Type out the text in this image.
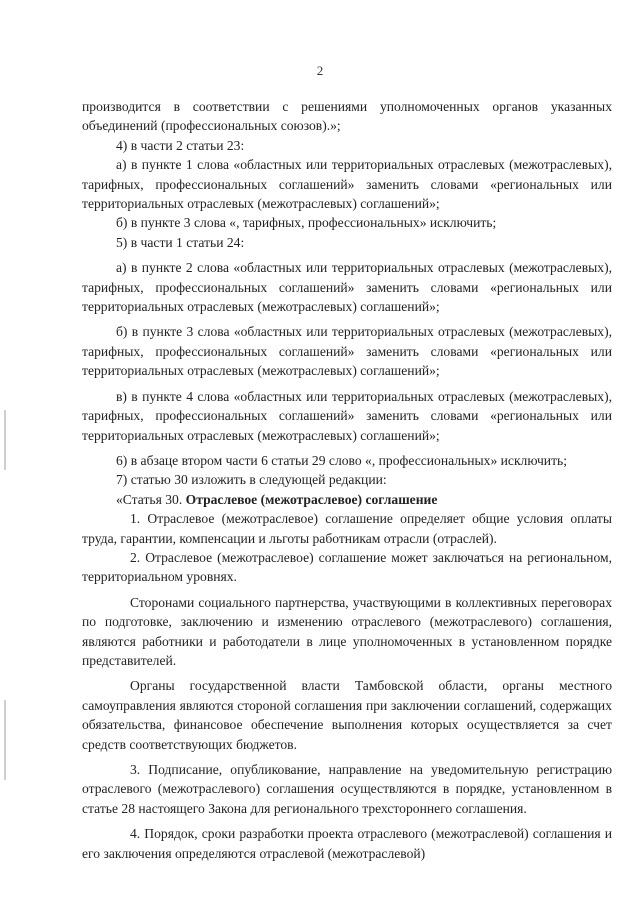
2

производится в соответствии с решениями уполномоченных органов указанных объединений (профессиональных союзов).»;

4) в части 2 статьи 23:

а) в пункте 1 слова «областных или территориальных отраслевых (межотраслевых), тарифных, профессиональных соглашений» заменить словами «региональных или территориальных отраслевых (межотраслевых) соглашений»;

б) в пункте 3 слова «, тарифных, профессиональных» исключить;

5) в части 1 статьи 24:

а) в пункте 2 слова «областных или территориальных отраслевых (межотраслевых), тарифных, профессиональных соглашений» заменить словами «региональных или территориальных отраслевых (межотраслевых) соглашений»;

б) в пункте 3 слова «областных или территориальных отраслевых (межотраслевых), тарифных, профессиональных соглашений» заменить словами «региональных или территориальных отраслевых (межотраслевых) соглашений»;

в) в пункте 4 слова «областных или территориальных отраслевых (межотраслевых), тарифных, профессиональных соглашений» заменить словами «региональных или территориальных отраслевых (межотраслевых) соглашений»;

6) в абзаце втором части 6 статьи 29 слово «, профессиональных» исключить;

7) статью 30 изложить в следующей редакции:

«Статья 30. Отраслевое (межотраслевое) соглашение

1. Отраслевое (межотраслевое) соглашение определяет общие условия оплаты труда, гарантии, компенсации и льготы работникам отрасли (отраслей).

2. Отраслевое (межотраслевое) соглашение может заключаться на региональном, территориальном уровнях.

Сторонами социального партнерства, участвующими в коллективных переговорах по подготовке, заключению и изменению отраслевого (межотраслевого) соглашения, являются работники и работодатели в лице уполномоченных в установленном порядке представителей.

Органы государственной власти Тамбовской области, органы местного самоуправления являются стороной соглашения при заключении соглашений, содержащих обязательства, финансовое обеспечение выполнения которых осуществляется за счет средств соответствующих бюджетов.

3. Подписание, опубликование, направление на уведомительную регистрацию отраслевого (межотраслевого) соглашения осуществляются в порядке, установленном в статье 28 настоящего Закона для регионального трехстороннего соглашения.

4. Порядок, сроки разработки проекта отраслевого (межотраслевой) соглашения и его заключения определяются отраслевой (межотраслевой)
